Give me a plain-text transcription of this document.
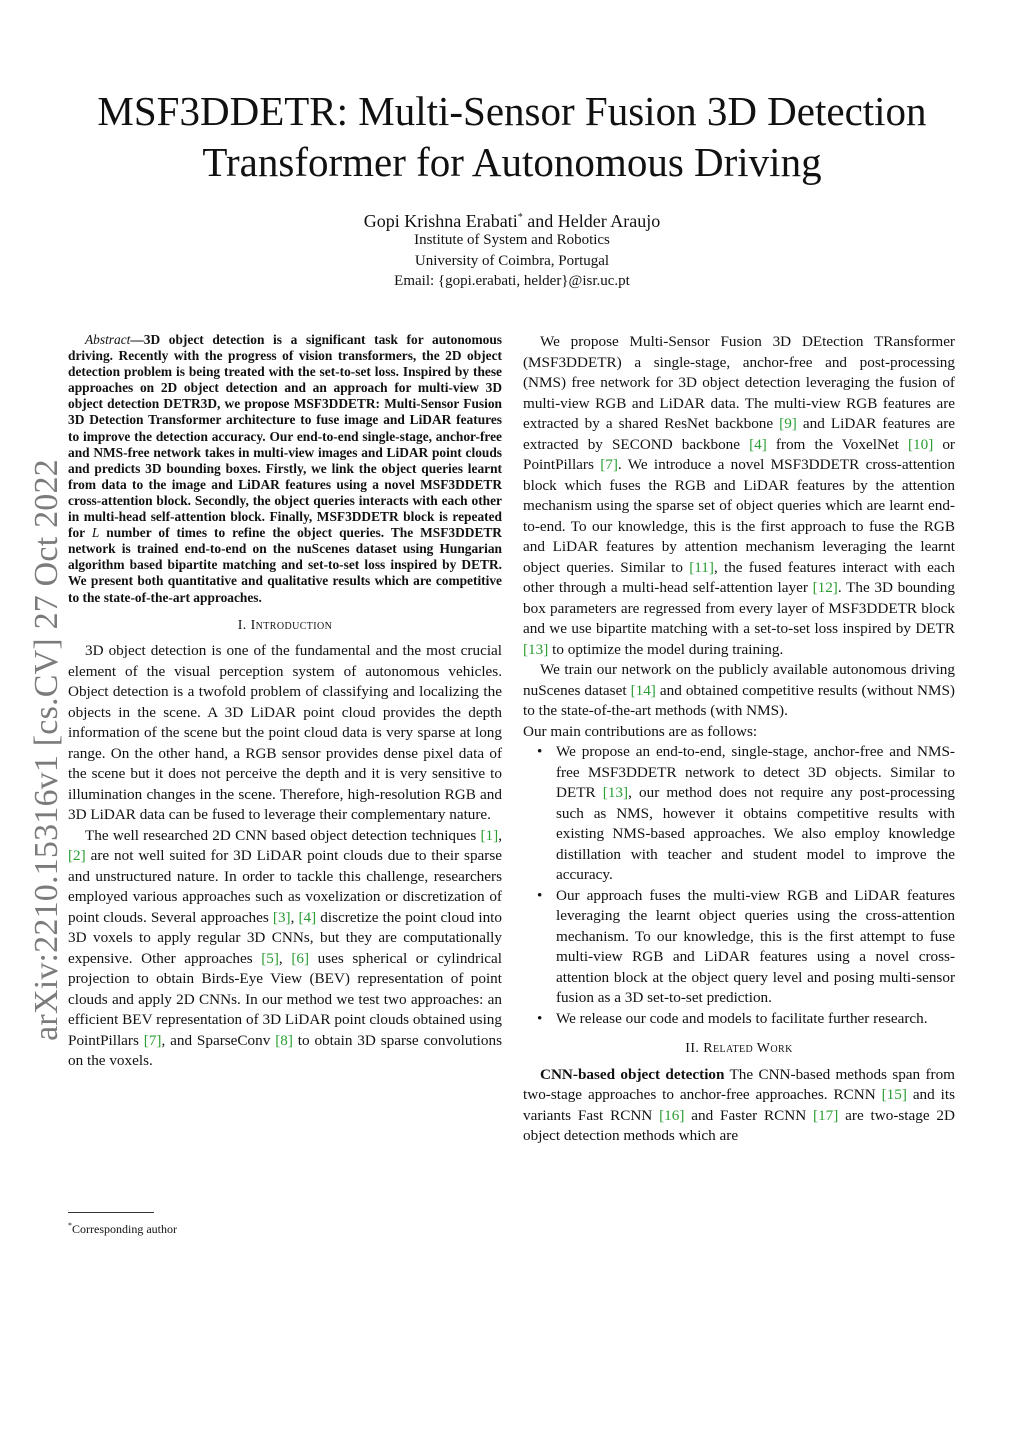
arXiv:2210.15316v1 [cs.CV] 27 Oct 2022
MSF3DDETR: Multi-Sensor Fusion 3D Detection
Transformer for Autonomous Driving
Gopi Krishna Erabati* and Helder Araujo
Institute of System and Robotics
University of Coimbra, Portugal
Email: {gopi.erabati, helder}@isr.uc.pt

Abstract—3D object detection is a significant task for autonomous driving. Recently with the progress of vision transformers, the 2D object detection problem is being treated with the set-to-set loss. Inspired by these approaches on 2D object detection and an approach for multi-view 3D object detection DETR3D, we propose MSF3DDETR: Multi-Sensor Fusion 3D Detection Transformer architecture to fuse image and LiDAR features to improve the detection accuracy. Our end-to-end single-stage, anchor-free and NMS-free network takes in multi-view images and LiDAR point clouds and predicts 3D bounding boxes. Firstly, we link the object queries learnt from data to the image and LiDAR features using a novel MSF3DDETR cross-attention block. Secondly, the object queries interacts with each other in multi-head self-attention block. Finally, MSF3DDETR block is repeated for L number of times to refine the object queries. The MSF3DDETR network is trained end-to-end on the nuScenes dataset using Hungarian algorithm based bipartite matching and set-to-set loss inspired by DETR. We present both quantitative and qualitative results which are competitive to the state-of-the-art approaches.

I. Introduction

3D object detection is one of the fundamental and the most crucial element of the visual perception system of autonomous vehicles. Object detection is a twofold problem of classifying and localizing the objects in the scene. A 3D LiDAR point cloud provides the depth information of the scene but the point cloud data is very sparse at long range. On the other hand, a RGB sensor provides dense pixel data of the scene but it does not perceive the depth and it is very sensitive to illumination changes in the scene. Therefore, high-resolution RGB and 3D LiDAR data can be fused to leverage their complementary nature.

The well researched 2D CNN based object detection techniques [1], [2] are not well suited for 3D LiDAR point clouds due to their sparse and unstructured nature. In order to tackle this challenge, researchers employed various approaches such as voxelization or discretization of point clouds. Several approaches [3], [4] discretize the point cloud into 3D voxels to apply regular 3D CNNs, but they are computationally expensive. Other approaches [5], [6] uses spherical or cylindrical projection to obtain Birds-Eye View (BEV) representation of point clouds and apply 2D CNNs. In our method we test two approaches: an efficient BEV representation of 3D LiDAR point clouds obtained using PointPillars [7], and SparseConv [8] to obtain 3D sparse convolutions on the voxels.

*Corresponding author

We propose Multi-Sensor Fusion 3D DEtection TRansformer (MSF3DDETR) a single-stage, anchor-free and post-processing (NMS) free network for 3D object detection leveraging the fusion of multi-view RGB and LiDAR data. The multi-view RGB features are extracted by a shared ResNet backbone [9] and LiDAR features are extracted by SECOND backbone [4] from the VoxelNet [10] or PointPillars [7]. We introduce a novel MSF3DDETR cross-attention block which fuses the RGB and LiDAR features by the attention mechanism using the sparse set of object queries which are learnt end-to-end. To our knowledge, this is the first approach to fuse the RGB and LiDAR features by attention mechanism leveraging the learnt object queries. Similar to [11], the fused features interact with each other through a multi-head self-attention layer [12]. The 3D bounding box parameters are regressed from every layer of MSF3DDETR block and we use bipartite matching with a set-to-set loss inspired by DETR [13] to optimize the model during training.

We train our network on the publicly available autonomous driving nuScenes dataset [14] and obtained competitive results (without NMS) to the state-of-the-art methods (with NMS).

Our main contributions are as follows:

• We propose an end-to-end, single-stage, anchor-free and NMS-free MSF3DDETR network to detect 3D objects. Similar to DETR [13], our method does not require any post-processing such as NMS, however it obtains competitive results with existing NMS-based approaches. We also employ knowledge distillation with teacher and student model to improve the accuracy.
• Our approach fuses the multi-view RGB and LiDAR features leveraging the learnt object queries using the cross-attention mechanism. To our knowledge, this is the first attempt to fuse multi-view RGB and LiDAR features using a novel cross-attention block at the object query level and posing multi-sensor fusion as a 3D set-to-set prediction.
• We release our code and models to facilitate further research.
II. Related Work

CNN-based object detection The CNN-based methods span from two-stage approaches to anchor-free approaches. RCNN [15] and its variants Fast RCNN [16] and Faster RCNN [17] are two-stage 2D object detection methods which are
